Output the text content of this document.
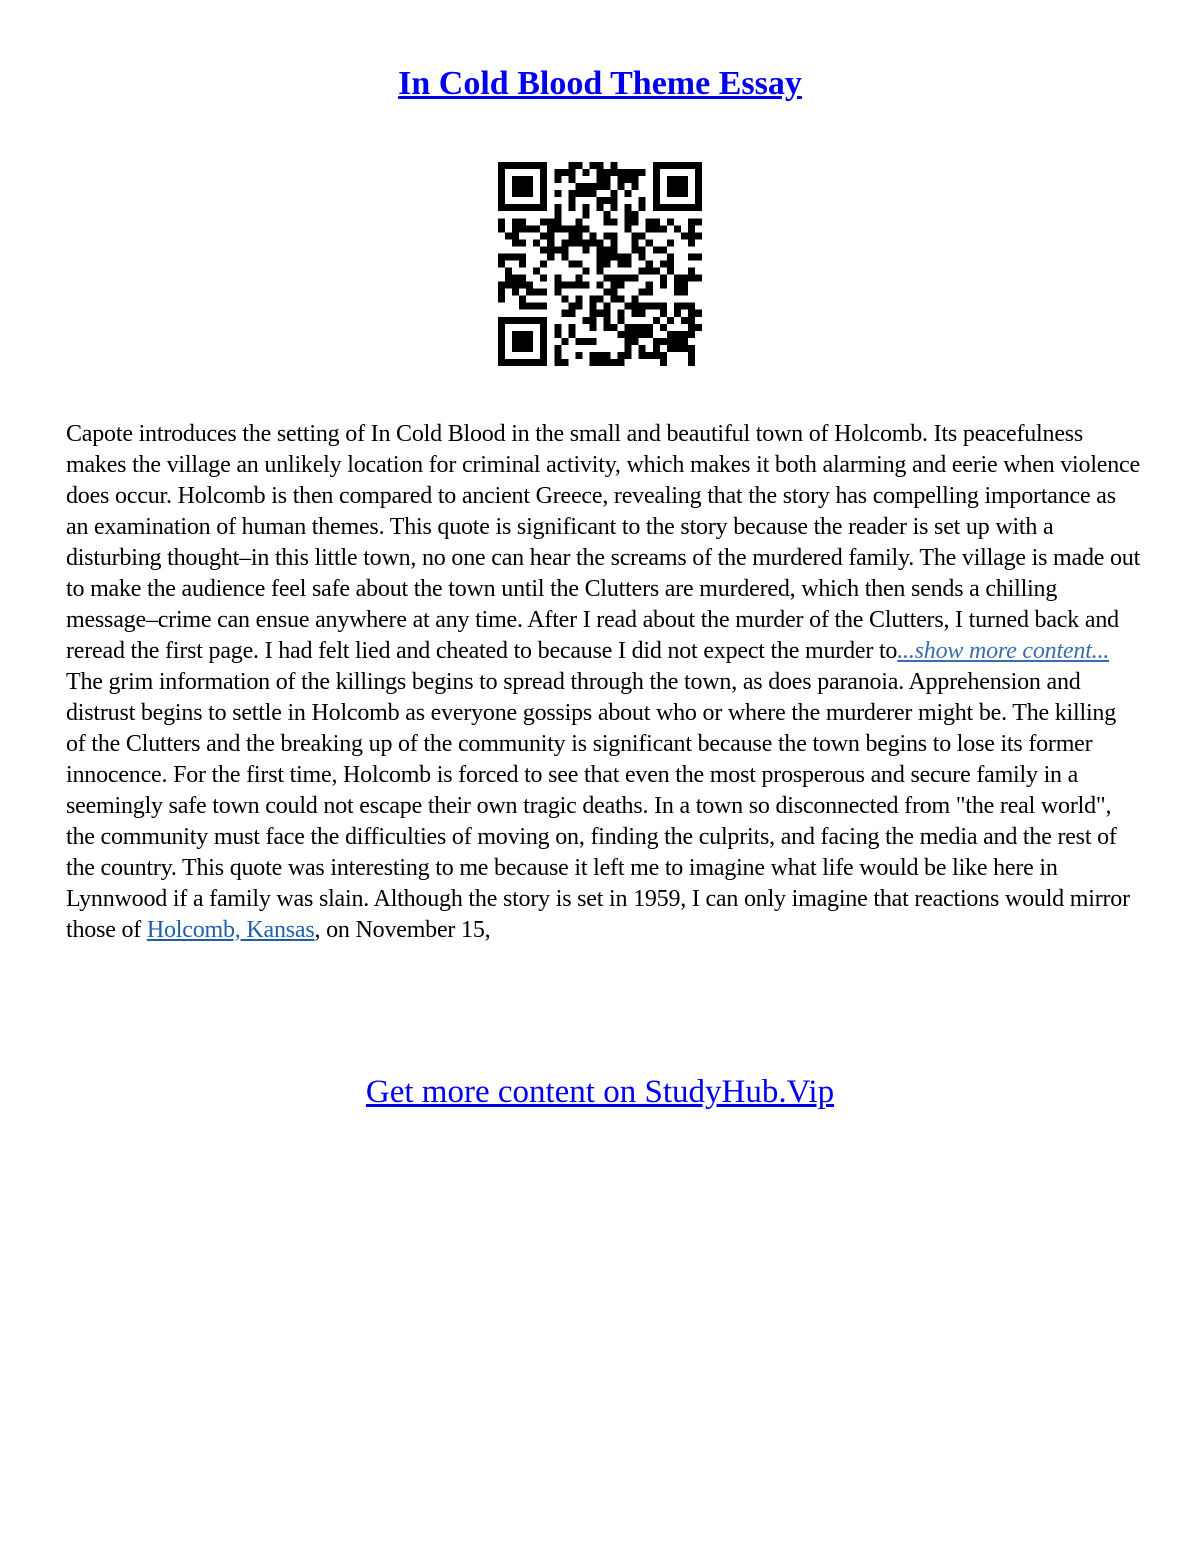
In Cold Blood Theme Essay

Capote introduces the setting of In Cold Blood in the small and beautiful town of Holcomb. Its peacefulness makes the village an unlikely location for criminal activity, which makes it both alarming and eerie when violence does occur. Holcomb is then compared to ancient Greece, revealing that the story has compelling importance as an examination of human themes. This quote is significant to the story because the reader is set up with a disturbing thought–in this little town, no one can hear the screams of the murdered family. The village is made out to make the audience feel safe about the town until the Clutters are murdered, which then sends a chilling message–crime can ensue anywhere at any time. After I read about the murder of the Clutters, I turned back and reread the first page. I had felt lied and cheated to because I did not expect the murder to...show more content...

The grim information of the killings begins to spread through the town, as does paranoia. Apprehension and distrust begins to settle in Holcomb as everyone gossips about who or where the murderer might be. The killing of the Clutters and the breaking up of the community is significant because the town begins to lose its former innocence. For the first time, Holcomb is forced to see that even the most prosperous and secure family in a seemingly safe town could not escape their own tragic deaths. In a town so disconnected from "the real world", the community must face the difficulties of moving on, finding the culprits, and facing the media and the rest of the country. This quote was interesting to me because it left me to imagine what life would be like here in Lynnwood if a family was slain. Although the story is set in 1959, I can only imagine that reactions would mirror those of Holcomb, Kansas, on November 15,

Get more content on StudyHub.Vip
